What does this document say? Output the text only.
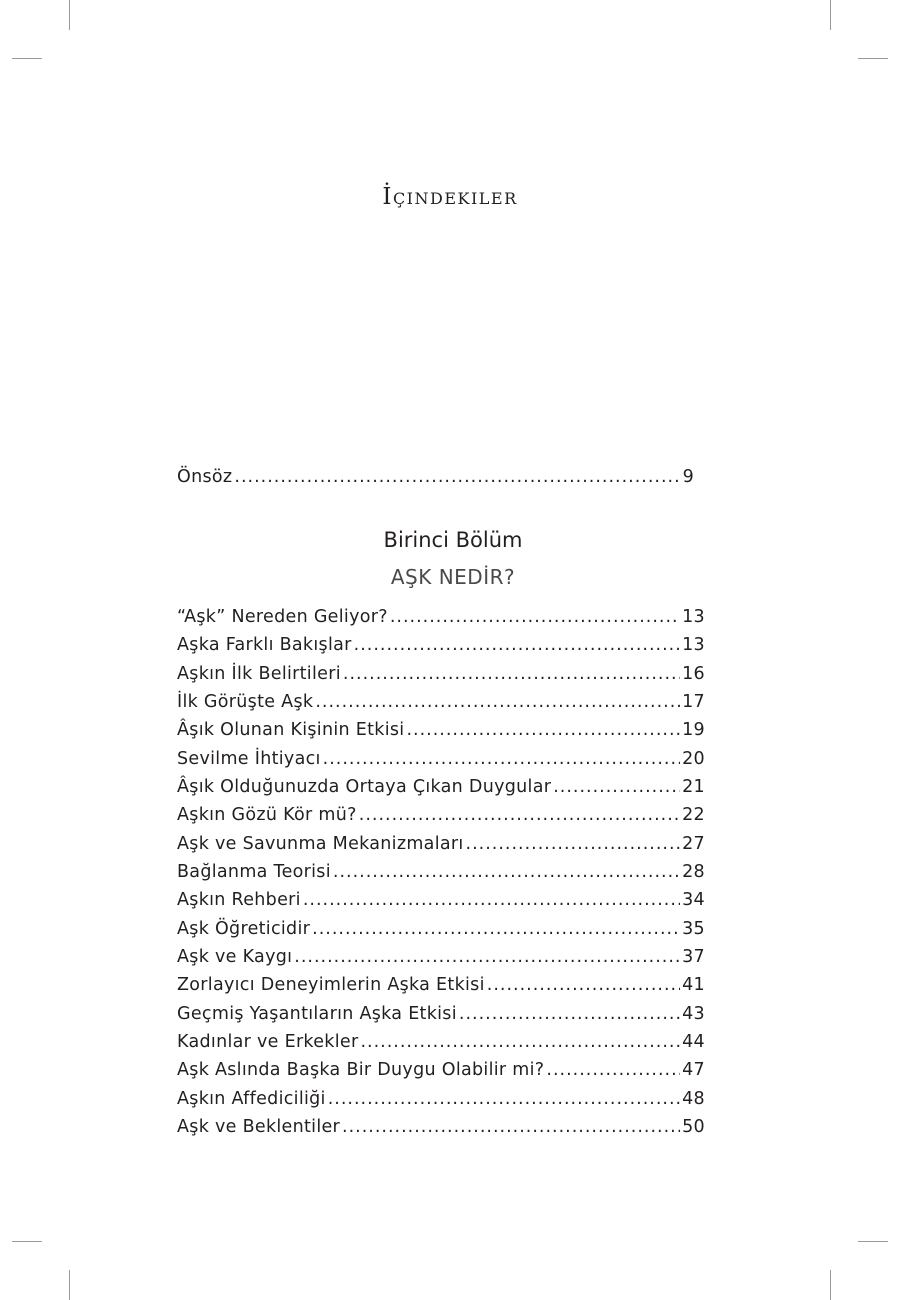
İçindekiler
Önsöz .....	9
Birinci Bölüm
AŞK NEDİR?
“Aşk” Nereden Geliyor? .....	13
Aşka Farklı Bakışlar .....	13
Aşkın İlk Belirtileri .....	16
İlk Görüşte Aşk .....	17
Âşık Olunan Kişinin Etkisi .....	19
Sevilme İhtiyacı .....	20
Âşık Olduğunuzda Ortaya Çıkan Duygular .....	21
Aşkın Gözü Kör mü? .....	22
Aşk ve Savunma Mekanizmaları .....	27
Bağlanma Teorisi .....	28
Aşkın Rehberi .....	34
Aşk Öğreticidir .....	35
Aşk ve Kaygı .....	37
Zorlayıcı Deneyimlerin Aşka Etkisi .....	41
Geçmiş Yaşantıların Aşka Etkisi .....	43
Kadınlar ve Erkekler .....	44
Aşk Aslında Başka Bir Duygu Olabilir mi? .....	47
Aşkın Affediciliği .....	48
Aşk ve Beklentiler .....	50
